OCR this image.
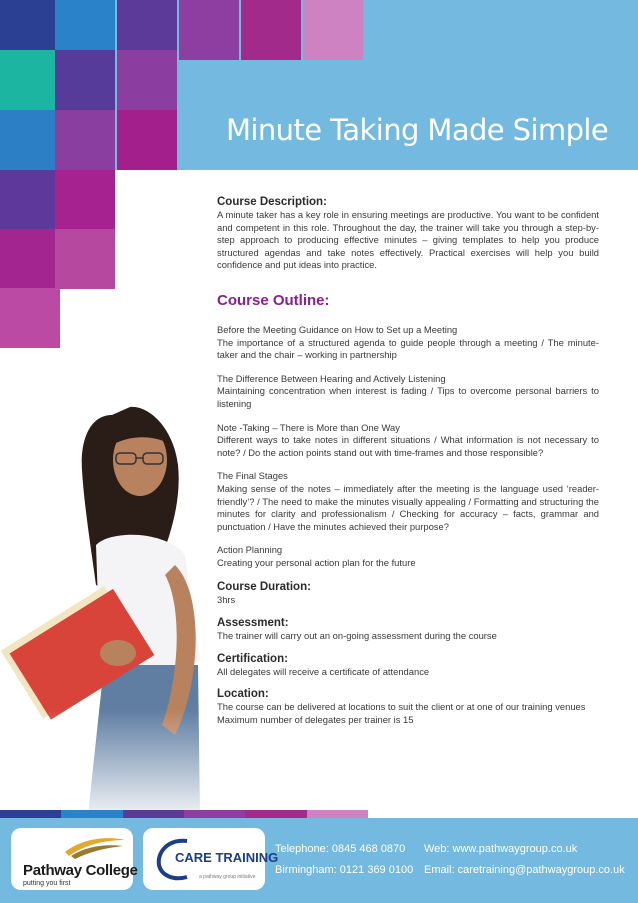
Minute Taking Made Simple
Course Description:

A minute taker has a key role in ensuring meetings are productive. You want to be confident and competent in this role. Throughout the day, the trainer will take you through a step-by-step approach to producing effective minutes – giving templates to help you produce structured agendas and take notes effectively. Practical exercises will help you build confidence and put ideas into practice.

Course Outline:

Before the Meeting Guidance on How to Set up a Meeting

The importance of a structured agenda to guide people through a meeting / The minute-taker and the chair – working in partnership

The Difference Between Hearing and Actively Listening

Maintaining concentration when interest is fading / Tips to overcome personal barriers to listening

Note -Taking – There is More than One Way

Different ways to take notes in different situations / What information is not necessary to note? / Do the action points stand out with time-frames and those responsible?

The Final Stages

Making sense of the notes – immediately after the meeting is the language used ‘reader-friendly’? / The need to make the minutes visually appealing / Formatting and structuring the minutes for clarity and professionalism / Checking for accuracy – facts, grammar and punctuation / Have the minutes achieved their purpose?

Action Planning

Creating your personal action plan for the future

Course Duration:

3hrs

Assessment:

The trainer will carry out an on-going assessment during the course

Certification:

All delegates will receive a certificate of attendance

Location:

The course can be delivered at locations to suit the client or at one of our training venues

Maximum number of delegates per trainer is 15

Pathway College
putting you first
CARE TRAINING
a pathway group initiative
Telephone: 0845 468 0870 Web: www.pathwaygroup.co.uk
Birmingham: 0121 369 0100 Email: caretraining@pathwaygroup.co.uk
